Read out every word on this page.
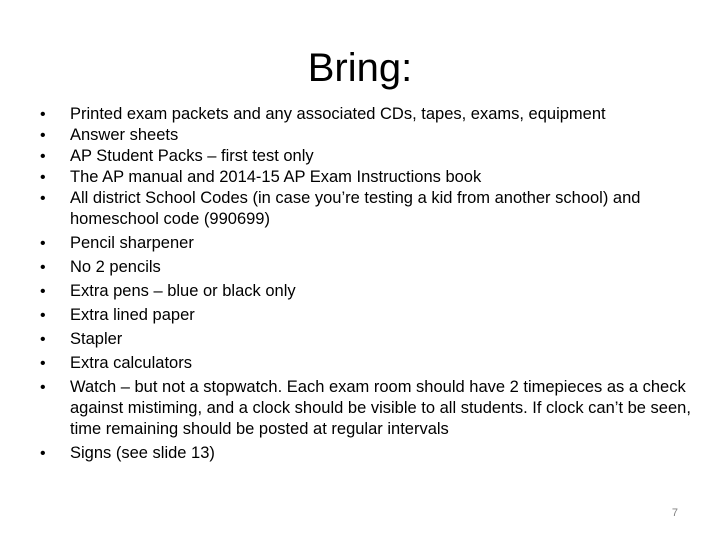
Bring:
• Printed exam packets and any associated CDs, tapes, exams, equipment
• Answer sheets
• AP Student Packs – first test only
• The AP manual and 2014-15 AP Exam Instructions book
• All district School Codes (in case you’re testing a kid from another school) and homeschool code (990699)
• Pencil sharpener
• No 2 pencils
• Extra pens – blue or black only
• Extra lined paper
• Stapler
• Extra calculators
• Watch – but not a stopwatch. Each exam room should have 2 timepieces as a check against mistiming, and a clock should be visible to all students. If clock can’t be seen, time remaining should be posted at regular intervals
• Signs (see slide 13)
7
